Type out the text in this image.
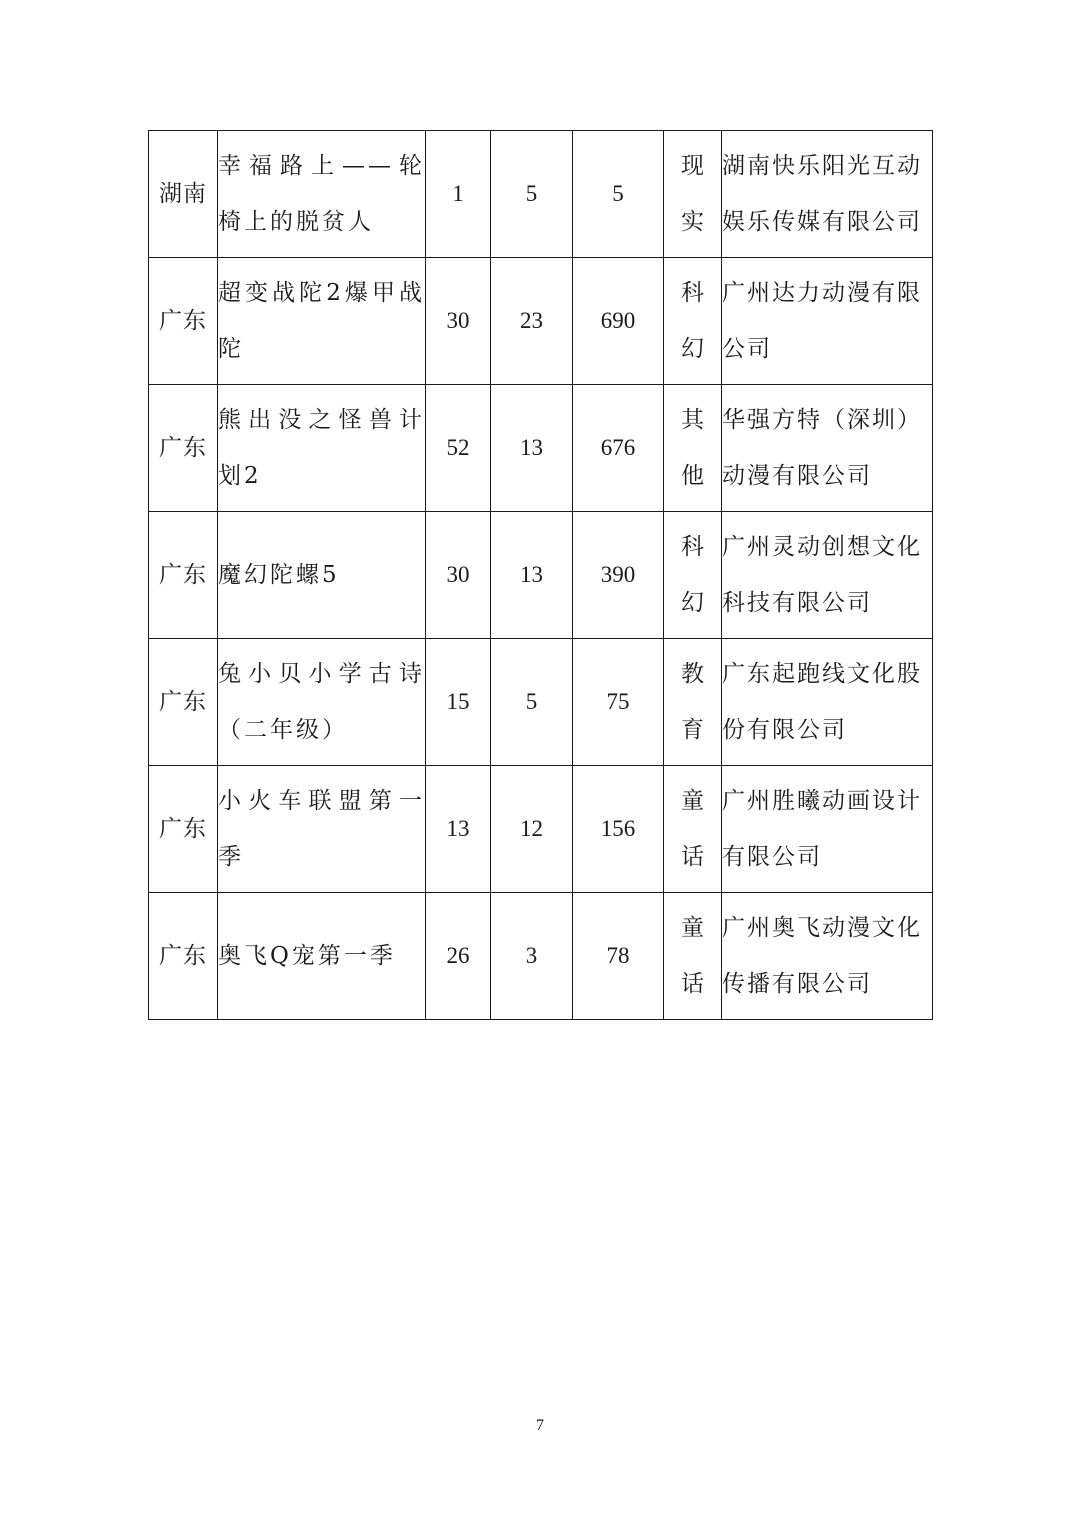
湖南	幸福路上——轮椅上的脱贫人	1	5	5	现实	湖南快乐阳光互动娱乐传媒有限公司
广东	超变战陀2爆甲战陀	30	23	690	科幻	广州达力动漫有限公司
广东	熊出没之怪兽计划2	52	13	676	其他	华强方特（深圳）动漫有限公司
广东	魔幻陀螺5	30	13	390	科幻	广州灵动创想文化科技有限公司
广东	兔小贝小学古诗（二年级）	15	5	75	教育	广东起跑线文化股份有限公司
广东	小火车联盟第一季	13	12	156	童话	广州胜曦动画设计有限公司
广东	奥飞Q宠第一季	26	3	78	童话	广州奥飞动漫文化传播有限公司
7
